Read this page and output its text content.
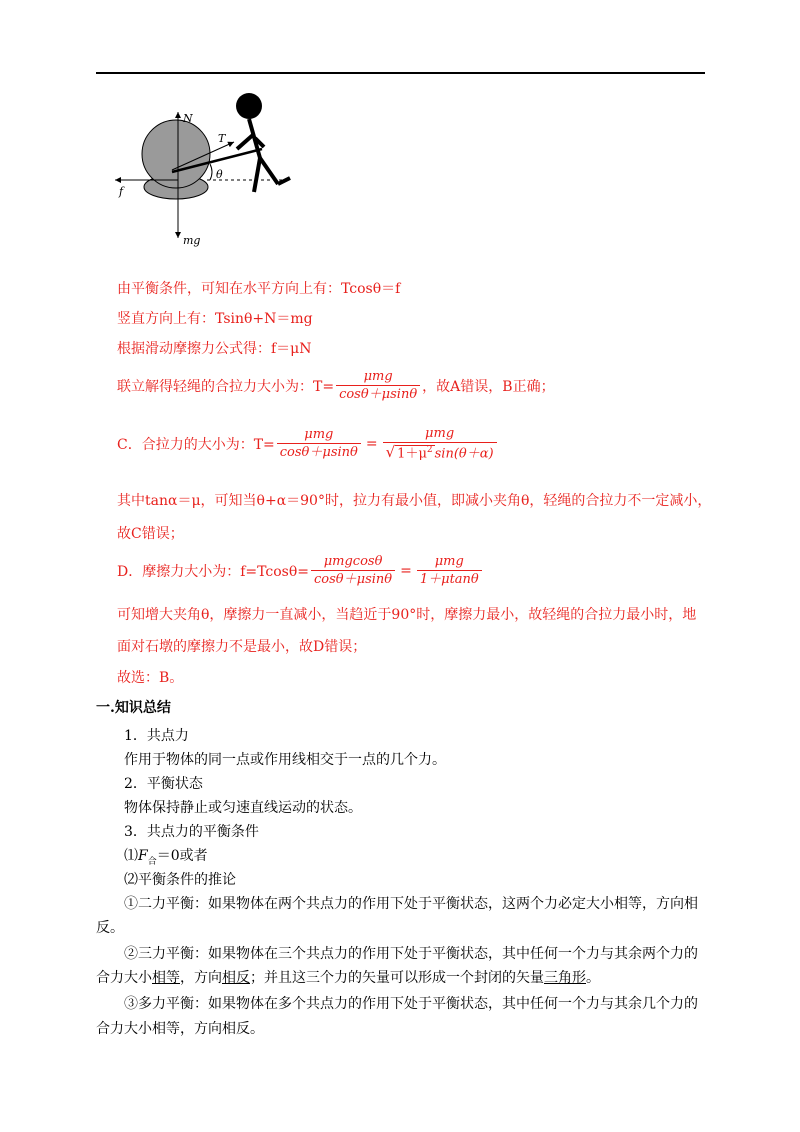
N
T
θ
f
mg
由平衡条件，可知在水平方向上有：Tcosθ＝f
竖直方向上有：Tsinθ+N＝mg
根据滑动摩擦力公式得：f＝μN
联立解得轻绳的合拉力大小为：$T= \frac{\text{μmg}}{\cos\theta+\mu\sin\theta}$ ，故A错误，B正确；
C．合拉力的大小为：$T= \frac{\text{μmg}}{\cos\theta+\mu\sin\theta} = \frac{\text{μmg}}{√ 1+\mu^2 \sin(\theta+\alpha)}$
其中tanα＝μ，可知当θ+α＝90°时，拉力有最小值，即减小夹角θ，轻绳的合拉力不一定减小，
故C错误；
D．摩擦力大小为：$f=Tcos\theta= \frac{\text{μmgcosθ}}{\cos\theta+\mu\sin\theta} = \frac{\text{μmg}}{1+\mu\tan\theta}$
可知增大夹角θ，摩擦力一直减小，当趋近于90°时，摩擦力最小，故轻绳的合拉力最小时，地
面对石墩的摩擦力不是最小，故D错误；
故选：B。
一.知识总结
1．共点力
作用于物体的同一点或作用线相交于一点的几个力。
2．平衡状态
物体保持静止或匀速直线运动的状态。
3．共点力的平衡条件
$⑴F_合=0$或者
⑵平衡条件的推论
①二力平衡：如果物体在两个共点力的作用下处于平衡状态，这两个力必定大小相等，方向相
反。
②三力平衡：如果物体在三个共点力的作用下处于平衡状态，其中任何一个力与其余两个力的
合力大小相等，方向相反；并且这三个力的矢量可以形成一个封闭的矢量三角形。
③多力平衡：如果物体在多个共点力的作用下处于平衡状态，其中任何一个力与其余几个力的
合力大小相等，方向相反。
